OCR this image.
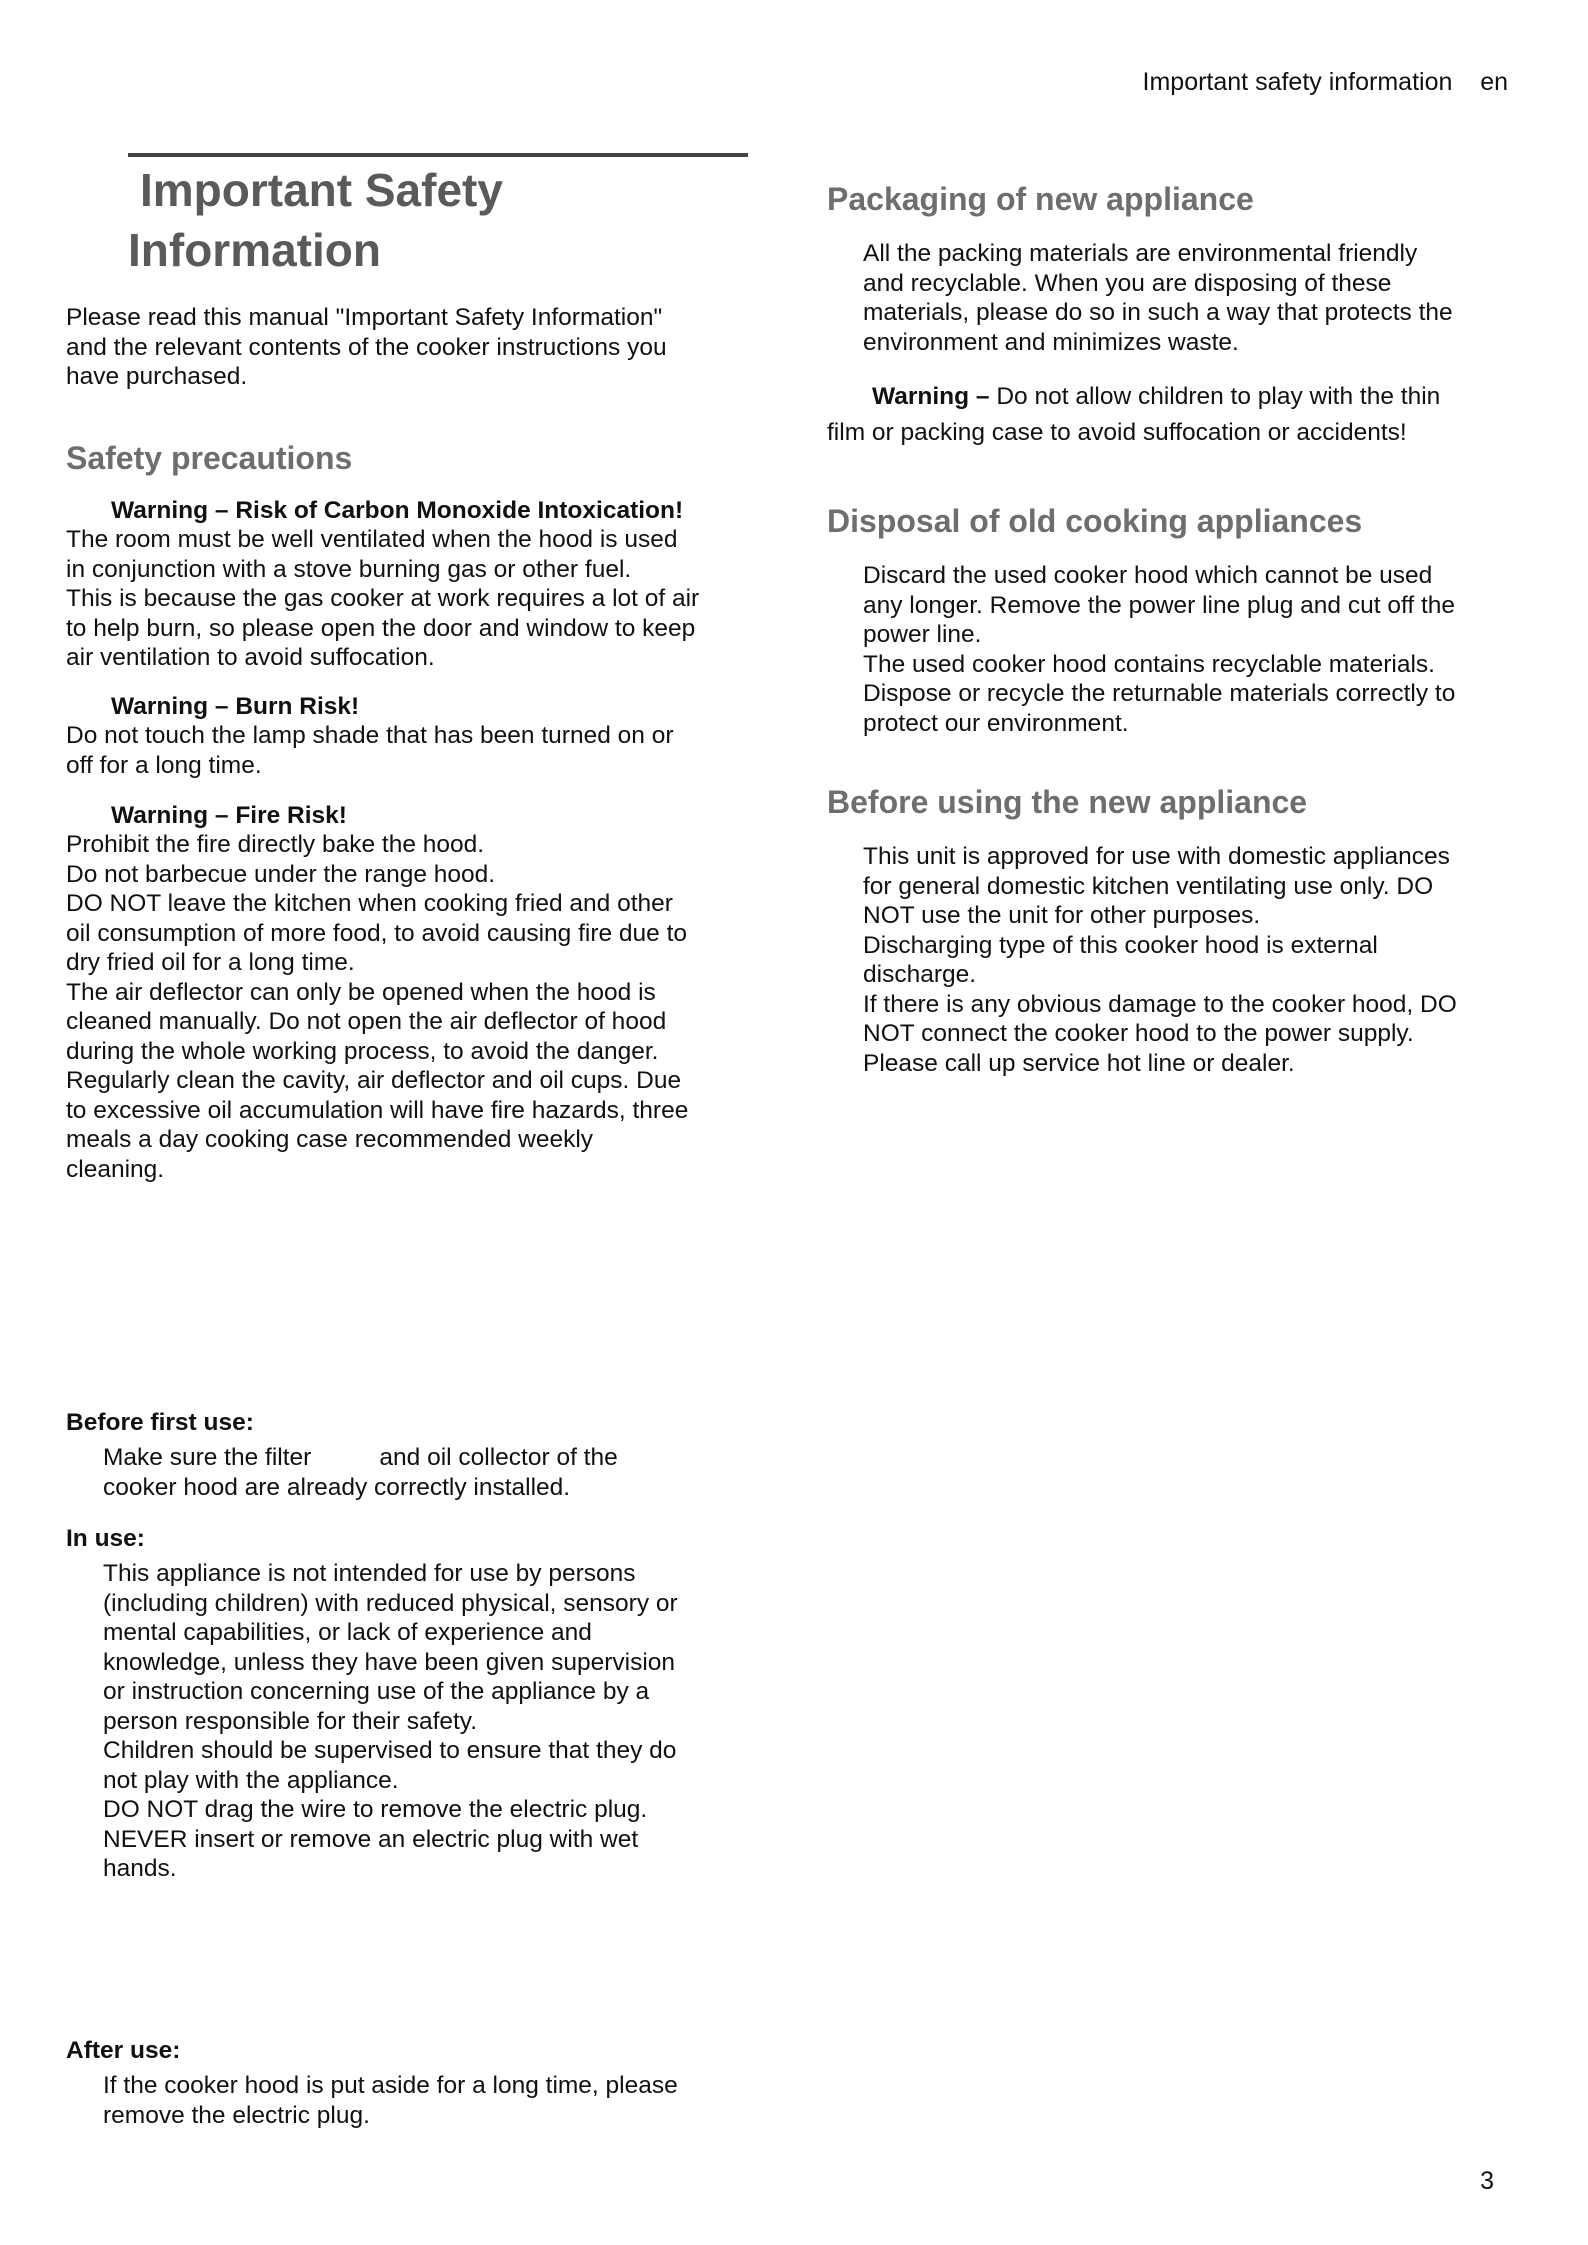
Important safety information en
Important Safety
Information
Please read this manual "Important Safety Information"
and the relevant contents of the cooker instructions you
have purchased.
Safety precautions
Warning – Risk of Carbon Monoxide Intoxication!
The room must be well ventilated when the hood is used
in conjunction with a stove burning gas or other fuel.
This is because the gas cooker at work requires a lot of air
to help burn, so please open the door and window to keep
air ventilation to avoid suffocation.
Warning – Burn Risk!
Do not touch the lamp shade that has been turned on or
off for a long time.
Warning – Fire Risk!
Prohibit the fire directly bake the hood.
Do not barbecue under the range hood.
DO NOT leave the kitchen when cooking fried and other
oil consumption of more food, to avoid causing fire due to
dry fried oil for a long time.
The air deflector can only be opened when the hood is
cleaned manually. Do not open the air deflector of hood
during the whole working process, to avoid the danger.
Regularly clean the cavity, air deflector and oil cups. Due
to excessive oil accumulation will have fire hazards, three
meals a day cooking case recommended weekly
cleaning.
Before first use:
Make sure the filter          and oil collector of the
cooker hood are already correctly installed.
In use:
This appliance is not intended for use by persons
(including children) with reduced physical, sensory or
mental capabilities, or lack of experience and
knowledge, unless they have been given supervision
or instruction concerning use of the appliance by a
person responsible for their safety.
Children should be supervised to ensure that they do
not play with the appliance.
DO NOT drag the wire to remove the electric plug.
NEVER insert or remove an electric plug with wet
hands.
After use:
If the cooker hood is put aside for a long time, please
remove the electric plug.
Packaging of new appliance
All the packing materials are environmental friendly
and recyclable. When you are disposing of these
materials, please do so in such a way that protects the
environment and minimizes waste.
Warning – Do not allow children to play with the thin
film or packing case to avoid suffocation or accidents!
Disposal of old cooking appliances
Discard the used cooker hood which cannot be used
any longer. Remove the power line plug and cut off the
power line.
The used cooker hood contains recyclable materials.
Dispose or recycle the returnable materials correctly to
protect our environment.
Before using the new appliance
This unit is approved for use with domestic appliances
for general domestic kitchen ventilating use only. DO
NOT use the unit for other purposes.
Discharging type of this cooker hood is external
discharge.
If there is any obvious damage to the cooker hood, DO
NOT connect the cooker hood to the power supply.
Please call up service hot line or dealer.
3
